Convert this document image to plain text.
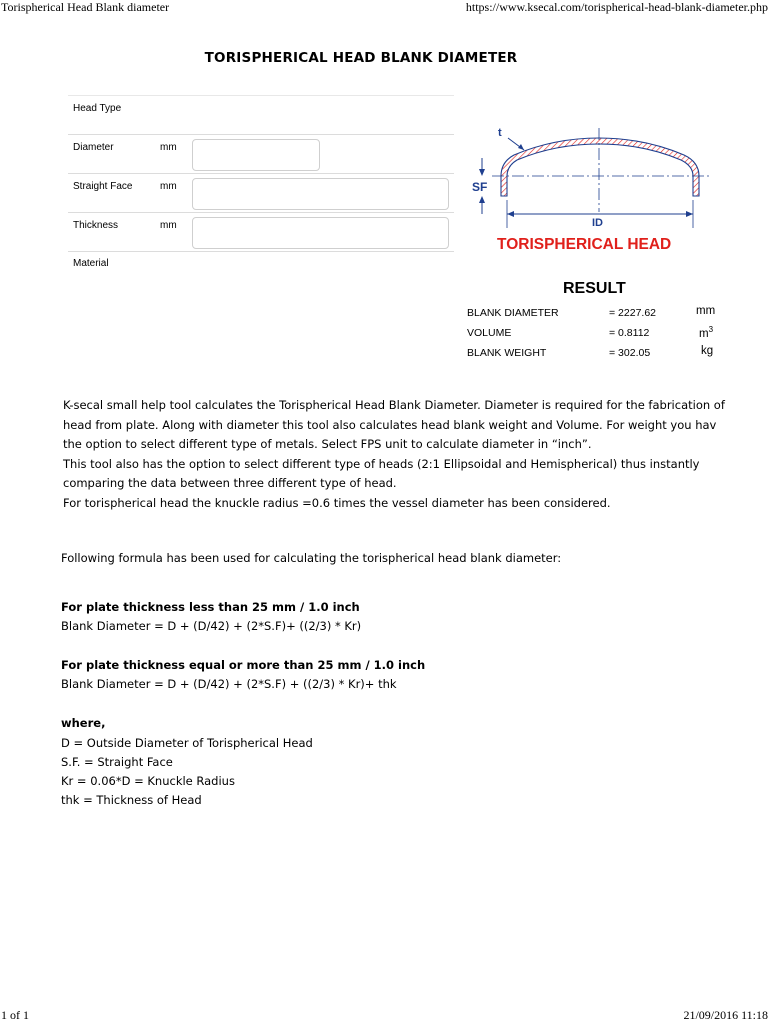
Torispherical Head Blank diameter	https://www.ksecal.com/torispherical-head-blank-diameter.php
TORISPHERICAL HEAD BLANK DIAMETER
Head Type
Diameter	mm
Straight Face	mm
Thickness	mm
Material
t
SF
ID
TORISPHERICAL HEAD
RESULT
BLANK DIAMETER	= 2227.62	mm
VOLUME	= 0.8112	$m^3$
BLANK WEIGHT	= 302.05	kg

K-secal small help tool calculates the Torispherical Head Blank Diameter. Diameter is required for the fabrication of

head from plate. Along with diameter this tool also calculates head blank weight and Volume. For weight you hav

the option to select different type of metals. Select FPS unit to calculate diameter in “inch”.

This tool also has the option to select different type of heads (2:1 Ellipsoidal and Hemispherical) thus instantly

comparing the data between three different type of head.

For torispherical head the knuckle radius =0.6 times the vessel diameter has been considered.

Following formula has been used for calculating the torispherical head blank diameter:
For plate thickness less than 25 mm / 1.0 inch
Blank Diameter = D + (D/42) + (2*S.F)+ ((2/3) * Kr)
For plate thickness equal or more than 25 mm / 1.0 inch
Blank Diameter = D + (D/42) + (2*S.F) + ((2/3) * Kr)+ thk
where,
D = Outside Diameter of Torispherical Head
S.F. = Straight Face
Kr = 0.06*D = Knuckle Radius
thk = Thickness of Head
1 of 1	21/09/2016 11:18
